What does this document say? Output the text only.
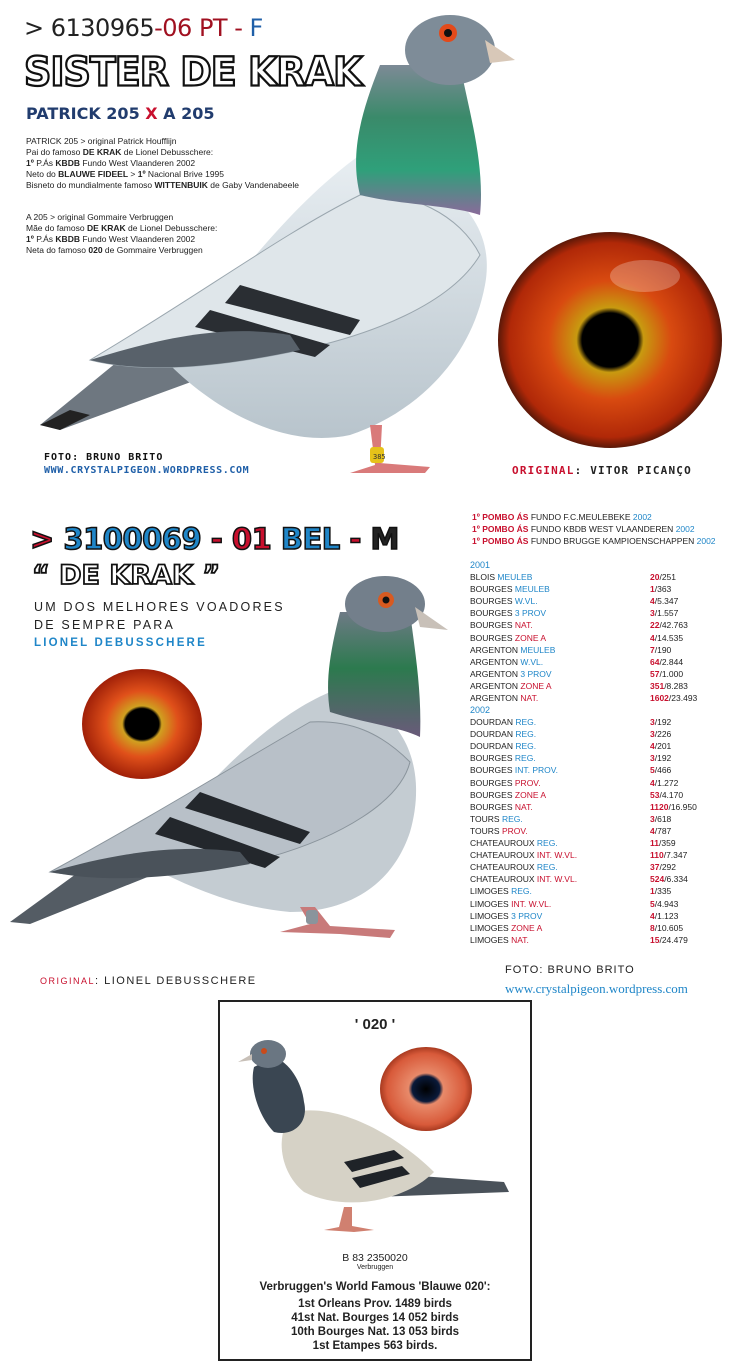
> 6130965-06 PT - F
SISTER DE KRAK
PATRICK 205 X A 205
PATRICK 205 > original Patrick Houfflijn
Pai do famoso DE KRAK de Lionel Debusschere:
1º P.Ás KBDB Fundo West Vlaanderen 2002
Neto do BLAUWE FIDEEL > 1º Nacional Brive 1995
Bisneto do mundialmente famoso WITTENBUIK de Gaby Vandenabeele
A 205 > original Gommaire Verbruggen
Mãe do famoso DE KRAK de Lionel Debusschere:
1º P.Ás KBDB Fundo West Vlaanderen 2002
Neta do famoso 020 de Gommaire Verbruggen
385
FOTO: BRUNO BRITO
WWW.CRYSTALPIGEON.WORDPRESS.COM	ORIGINAL: VITOR PICANÇO
> 3100069 - 01 BEL - M
“ DE KRAK ”
UM DOS MELHORES VOADORES
DE SEMPRE PARA
LIONEL DEBUSSCHERE
ORIGINAL: LIONEL DEBUSSCHERE
1º POMBO ÁS FUNDO F.C.MEULEBEKE 2002
1º POMBO ÁS FUNDO KBDB WEST VLAANDEREN 2002
1º POMBO ÁS FUNDO BRUGGE KAMPIOENSCHAPPEN 2002
2001
BLOIS MEULEB	20/251
BOURGES MEULEB	1/363
BOURGES W.VL.	4/5.347
BOURGES 3 PROV	3/1.557
BOURGES NAT.	22/42.763
BOURGES ZONE A	4/14.535
ARGENTON MEULEB	7/190
ARGENTON W.VL.	64/2.844
ARGENTON 3 PROV	57/1.000
ARGENTON ZONE A	351/8.283
ARGENTON NAT.	1602/23.493
2002
DOURDAN REG.	3/192
DOURDAN REG.	3/226
DOURDAN REG.	4/201
BOURGES REG.	3/192
BOURGES INT. PROV.	5/466
BOURGES PROV.	4/1.272
BOURGES ZONE A	53/4.170
BOURGES NAT.	1120/16.950
TOURS REG.	3/618
TOURS PROV.	4/787
CHATEAUROUX REG.	11/359
CHATEAUROUX INT. W.VL.	110/7.347
CHATEAUROUX REG.	37/292
CHATEAUROUX INT. W.VL.	524/6.334
LIMOGES REG.	1/335
LIMOGES INT. W.VL.	5/4.943
LIMOGES 3 PROV	4/1.123
LIMOGES ZONE A	8/10.605
LIMOGES NAT.	15/24.479
FOTO: BRUNO BRITO
www.crystalpigeon.wordpress.com
' 020 '
B 83 2350020
Verbruggen
Verbruggen's World Famous 'Blauwe 020':
1st Orleans Prov. 1489 birds
41st Nat. Bourges 14 052 birds
10th Bourges Nat. 13 053 birds
1st Etampes 563 birds.
